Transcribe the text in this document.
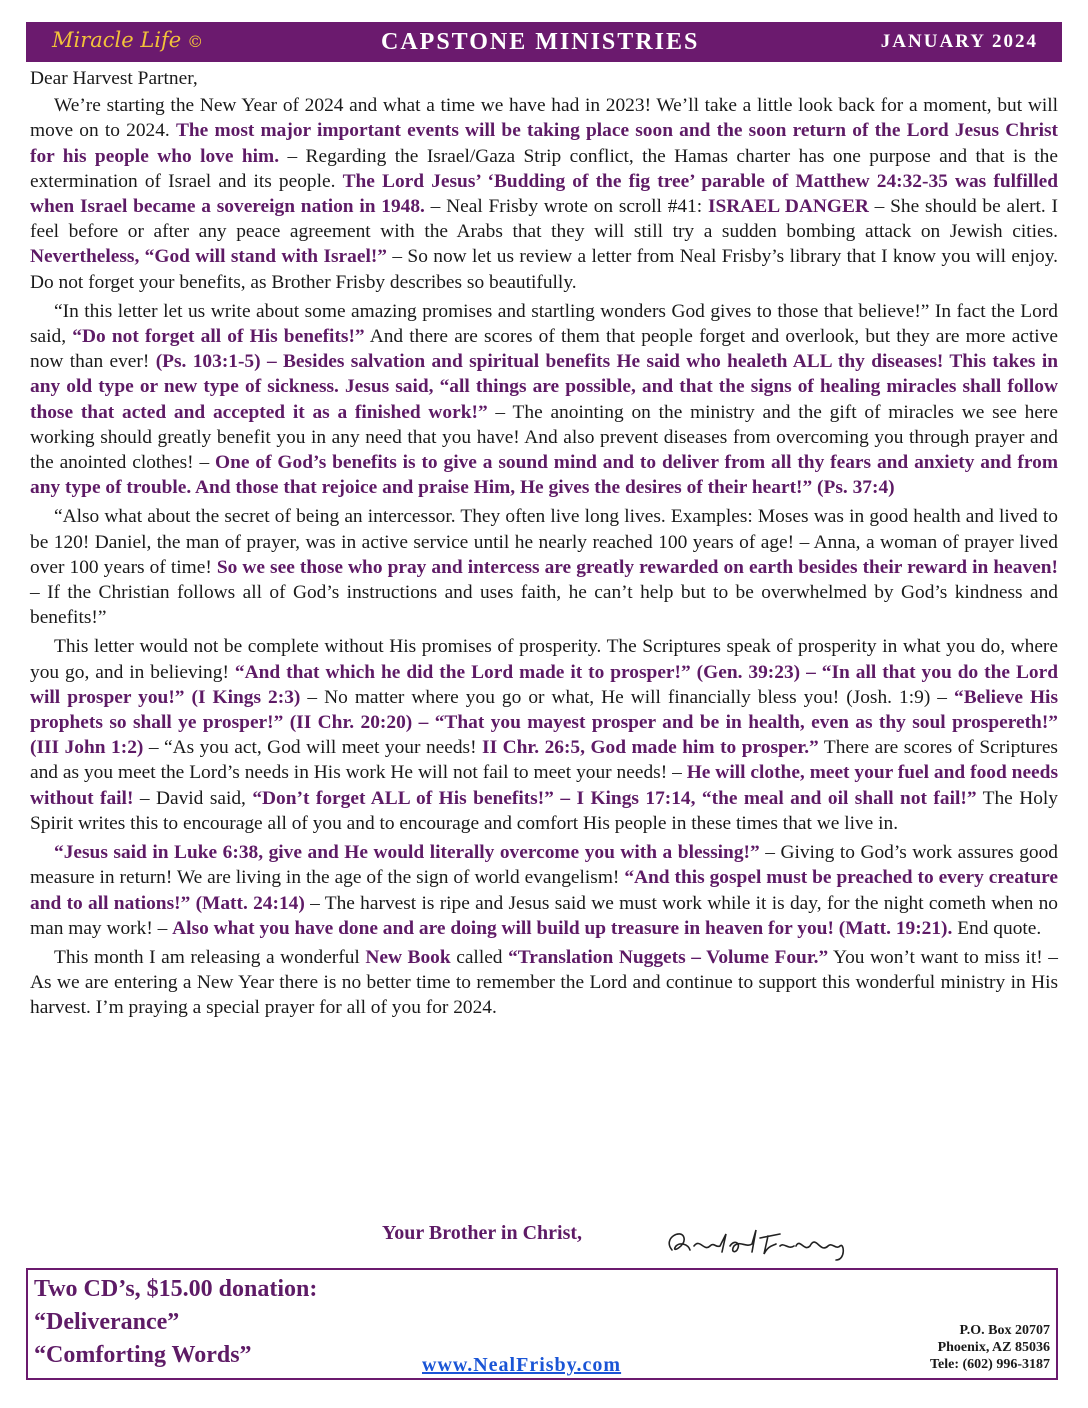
Miracle Life ©	CAPSTONE MINISTRIES	JANUARY 2024

Dear Harvest Partner,

We’re starting the New Year of 2024 and what a time we have had in 2023! We’ll take a little look back for a moment, but will move on to 2024. The most major important events will be taking place soon and the soon return of the Lord Jesus Christ for his people who love him. – Regarding the Israel/Gaza Strip conflict, the Hamas charter has one purpose and that is the extermination of Israel and its people. The Lord Jesus’ ‘Budding of the fig tree’ parable of Matthew 24:32-35 was fulfilled when Israel became a sovereign nation in 1948. – Neal Frisby wrote on scroll #41: ISRAEL DANGER – She should be alert. I feel before or after any peace agreement with the Arabs that they will still try a sudden bombing attack on Jewish cities. Nevertheless, “God will stand with Israel!” – So now let us review a letter from Neal Frisby’s library that I know you will enjoy. Do not forget your benefits, as Brother Frisby describes so beautifully.

“In this letter let us write about some amazing promises and startling wonders God gives to those that believe!” In fact the Lord said, “Do not forget all of His benefits!” And there are scores of them that people forget and overlook, but they are more active now than ever! (Ps. 103:1-5) – Besides salvation and spiritual benefits He said who healeth ALL thy diseases! This takes in any old type or new type of sickness. Jesus said, “all things are possible, and that the signs of healing miracles shall follow those that acted and accepted it as a finished work!” – The anointing on the ministry and the gift of miracles we see here working should greatly benefit you in any need that you have! And also prevent diseases from overcoming you through prayer and the anointed clothes! – One of God’s benefits is to give a sound mind and to deliver from all thy fears and anxiety and from any type of trouble. And those that rejoice and praise Him, He gives the desires of their heart!” (Ps. 37:4)

“Also what about the secret of being an intercessor. They often live long lives. Examples: Moses was in good health and lived to be 120! Daniel, the man of prayer, was in active service until he nearly reached 100 years of age! – Anna, a woman of prayer lived over 100 years of time! So we see those who pray and intercess are greatly rewarded on earth besides their reward in heaven! – If the Christian follows all of God’s instructions and uses faith, he can’t help but to be overwhelmed by God’s kindness and benefits!”

This letter would not be complete without His promises of prosperity. The Scriptures speak of prosperity in what you do, where you go, and in believing! “And that which he did the Lord made it to prosper!” (Gen. 39:23) – “In all that you do the Lord will prosper you!” (I Kings 2:3) – No matter where you go or what, He will financially bless you! (Josh. 1:9) – “Believe His prophets so shall ye prosper!” (II Chr. 20:20) – “That you mayest prosper and be in health, even as thy soul prospereth!” (III John 1:2) – “As you act, God will meet your needs! II Chr. 26:5, God made him to prosper.” There are scores of Scriptures and as you meet the Lord’s needs in His work He will not fail to meet your needs! – He will clothe, meet your fuel and food needs without fail! – David said, “Don’t forget ALL of His benefits!” – I Kings 17:14, “the meal and oil shall not fail!” The Holy Spirit writes this to encourage all of you and to encourage and comfort His people in these times that we live in.

“Jesus said in Luke 6:38, give and He would literally overcome you with a blessing!” – Giving to God’s work assures good measure in return! We are living in the age of the sign of world evangelism! “And this gospel must be preached to every creature and to all nations!” (Matt. 24:14) – The harvest is ripe and Jesus said we must work while it is day, for the night cometh when no man may work! – Also what you have done and are doing will build up treasure in heaven for you! (Matt. 19:21). End quote.

This month I am releasing a wonderful New Book called “Translation Nuggets – Volume Four.” You won’t want to miss it! – As we are entering a New Year there is no better time to remember the Lord and continue to support this wonderful ministry in His harvest. I’m praying a special prayer for all of you for 2024.

Your Brother in Christ,
Two CD’s, $15.00 donation:
“Deliverance”
“Comforting Words”	www.NealFrisby.com
P.O. Box 20707
Phoenix, AZ 85036
Tele: (602) 996-3187
